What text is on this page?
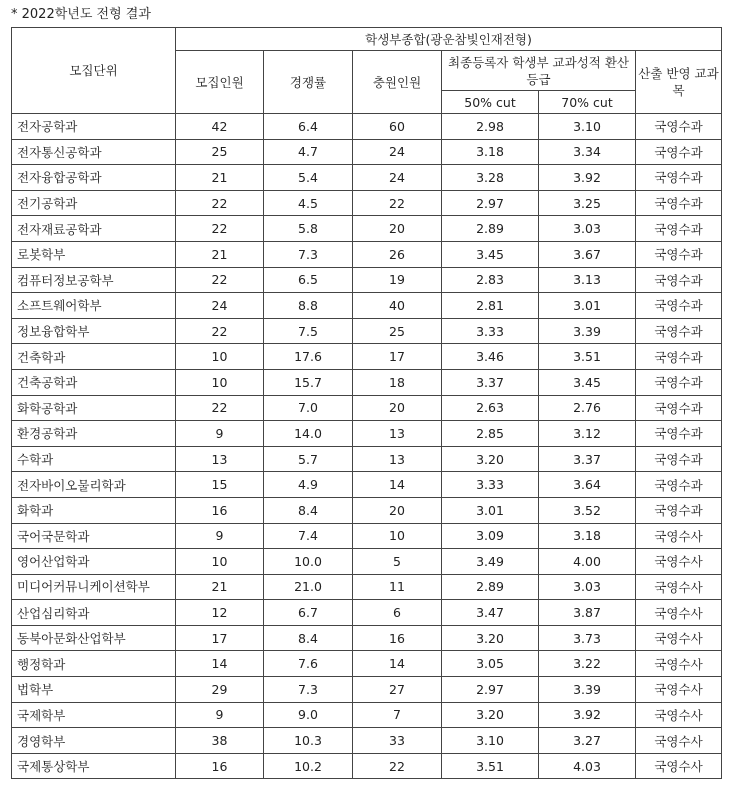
* 2022학년도 전형 결과
모집단위	학생부종합(광운참빛인재전형)					
	모집인원	경쟁률	충원인원	최종등록자 학생부 교과성적 환산등급		산출 반영 교과목
				50% cut	70% cut	
전자공학과	42	6.4	60	2.98	3.10	국영수과
전자통신공학과	25	4.7	24	3.18	3.34	국영수과
전자융합공학과	21	5.4	24	3.28	3.92	국영수과
전기공학과	22	4.5	22	2.97	3.25	국영수과
전자재료공학과	22	5.8	20	2.89	3.03	국영수과
로봇학부	21	7.3	26	3.45	3.67	국영수과
컴퓨터정보공학부	22	6.5	19	2.83	3.13	국영수과
소프트웨어학부	24	8.8	40	2.81	3.01	국영수과
정보융합학부	22	7.5	25	3.33	3.39	국영수과
건축학과	10	17.6	17	3.46	3.51	국영수과
건축공학과	10	15.7	18	3.37	3.45	국영수과
화학공학과	22	7.0	20	2.63	2.76	국영수과
환경공학과	9	14.0	13	2.85	3.12	국영수과
수학과	13	5.7	13	3.20	3.37	국영수과
전자바이오물리학과	15	4.9	14	3.33	3.64	국영수과
화학과	16	8.4	20	3.01	3.52	국영수과
국어국문학과	9	7.4	10	3.09	3.18	국영수사
영어산업학과	10	10.0	5	3.49	4.00	국영수사
미디어커뮤니케이션학부	21	21.0	11	2.89	3.03	국영수사
산업심리학과	12	6.7	6	3.47	3.87	국영수사
동북아문화산업학부	17	8.4	16	3.20	3.73	국영수사
행정학과	14	7.6	14	3.05	3.22	국영수사
법학부	29	7.3	27	2.97	3.39	국영수사
국제학부	9	9.0	7	3.20	3.92	국영수사
경영학부	38	10.3	33	3.10	3.27	국영수사
국제통상학부	16	10.2	22	3.51	4.03	국영수사
